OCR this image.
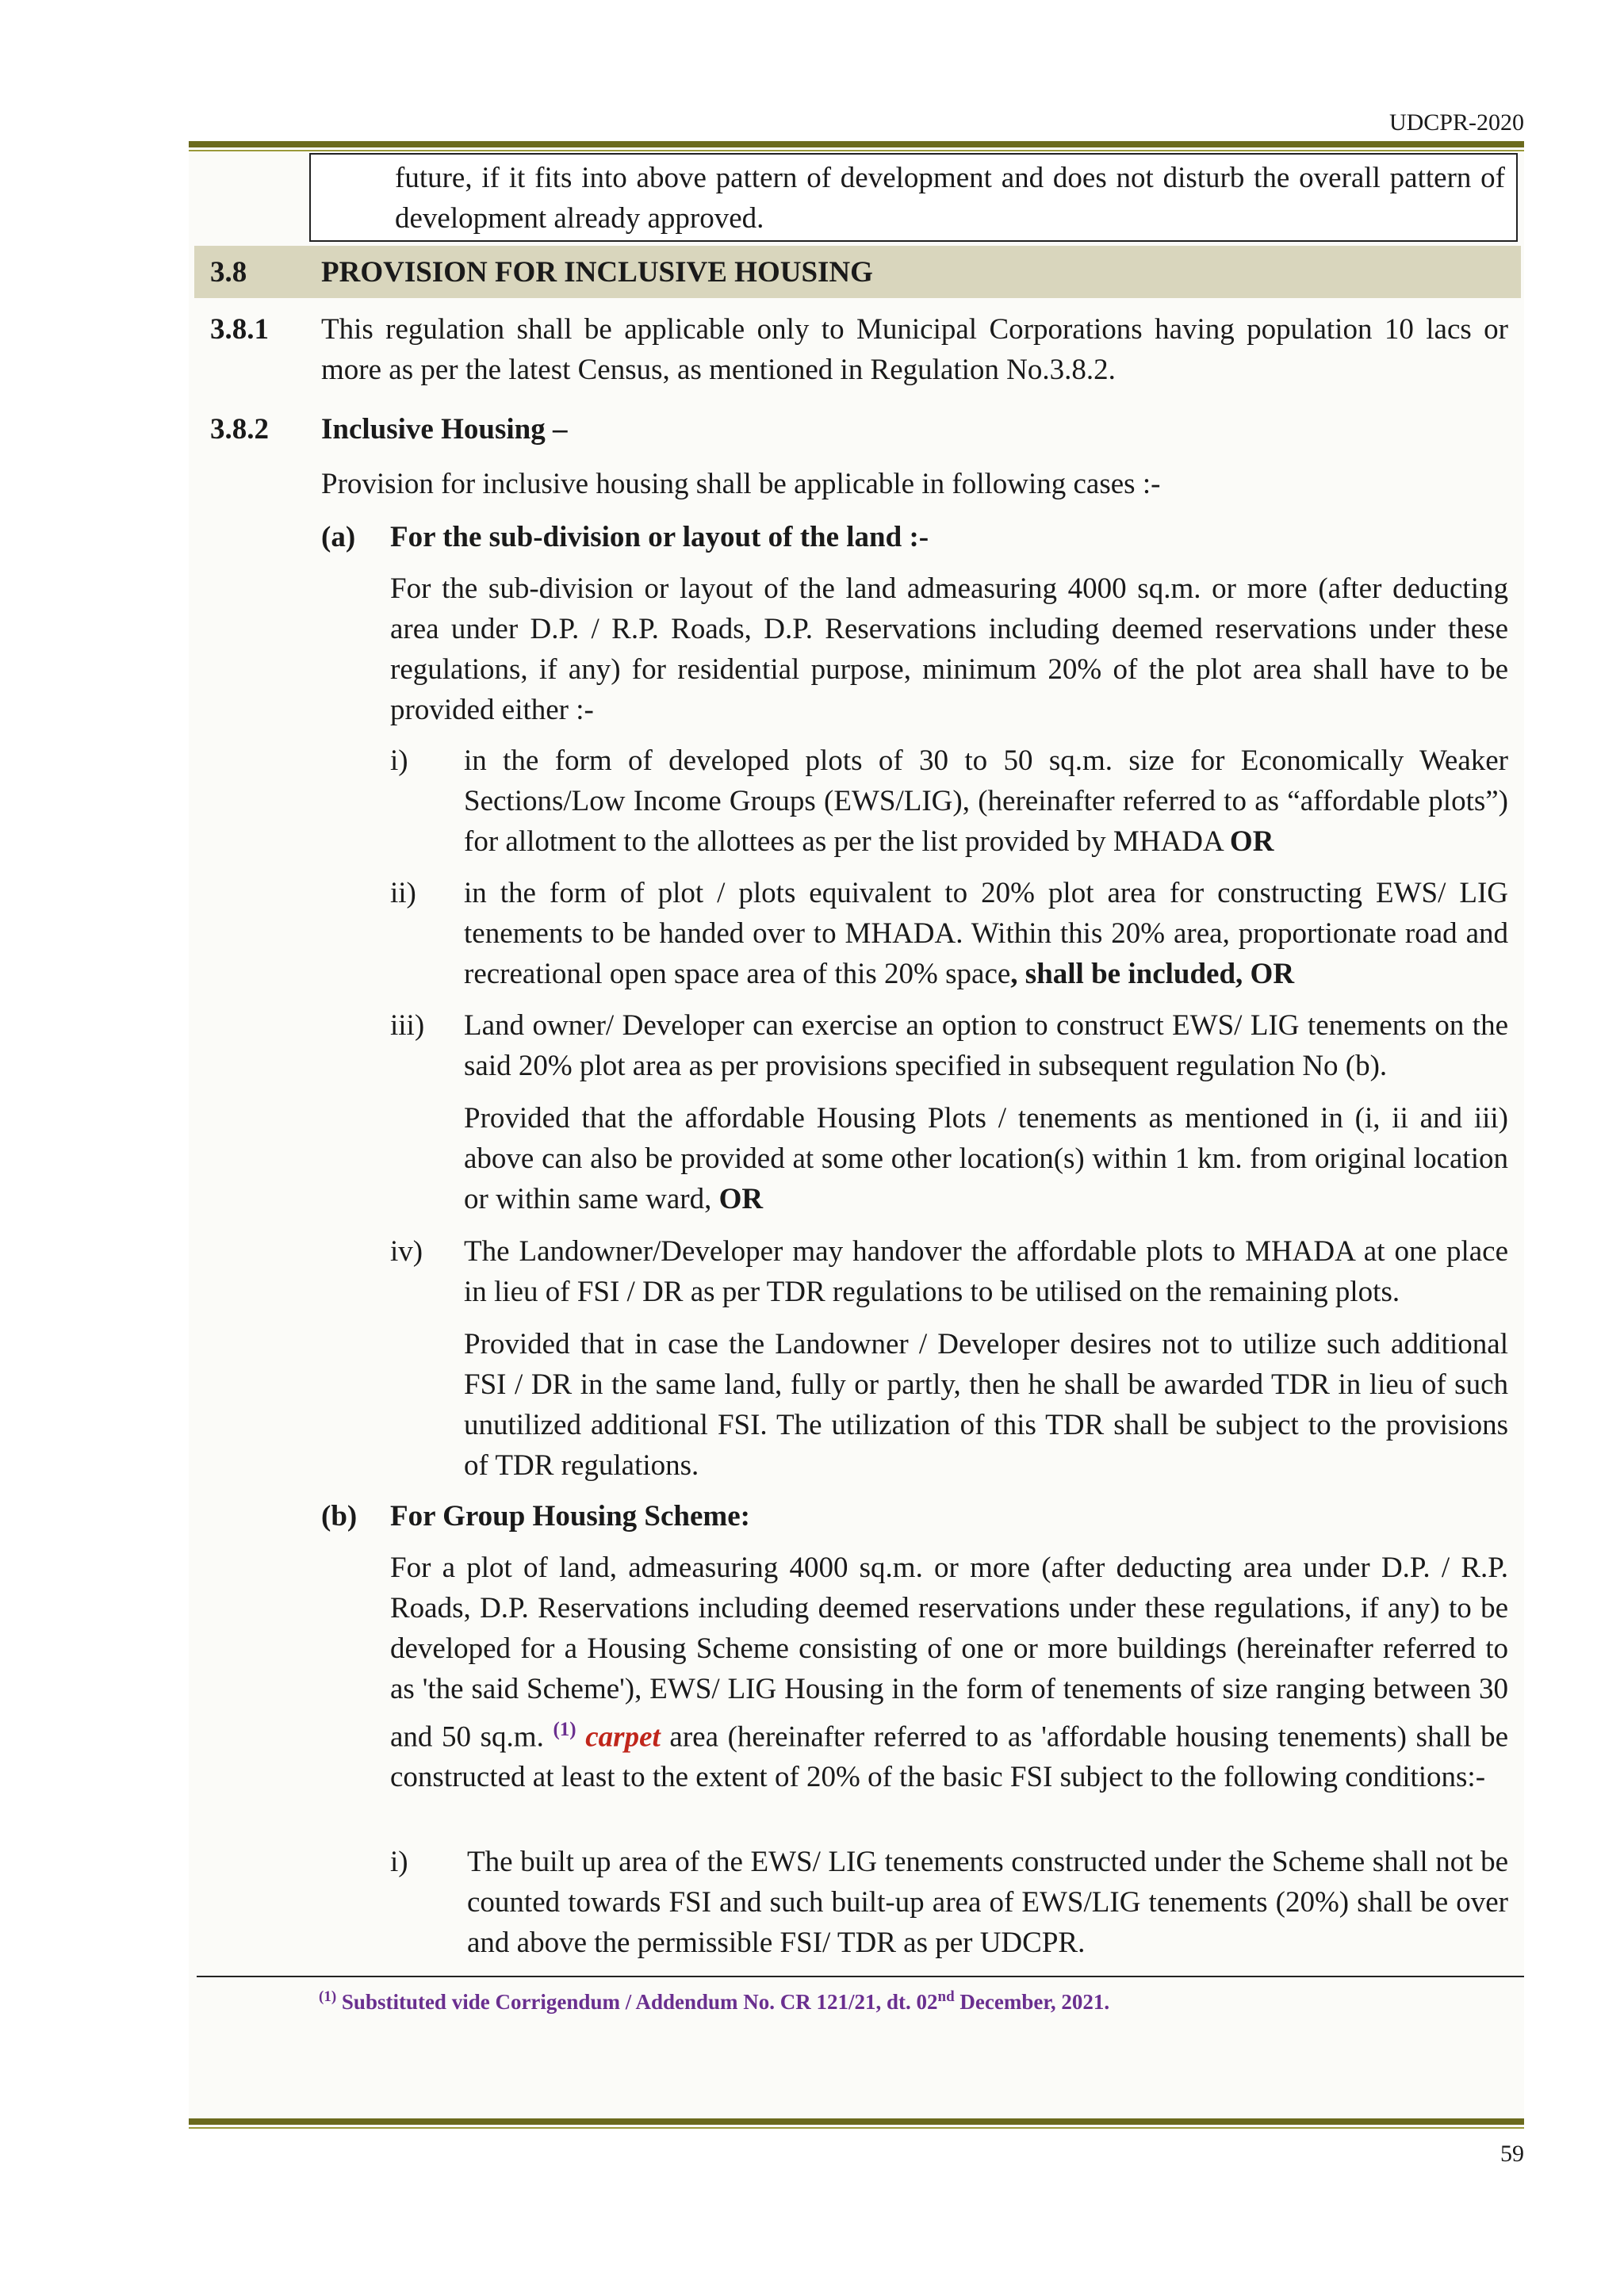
UDCPR-2020

future, if it fits into above pattern of development and does not disturb the overall pattern of development already approved.

3.8	PROVISION FOR INCLUSIVE HOUSING
3.8.1 This regulation shall be applicable only to Municipal Corporations having population 10 lacs or more as per the latest Census, as mentioned in Regulation No.3.8.2.

3.8.2 Inclusive Housing –

Provision for inclusive housing shall be applicable in following cases :-

(a) For the sub-division or layout of the land :-

For the sub-division or layout of the land admeasuring 4000 sq.m. or more (after deducting area under D.P. / R.P. Roads, D.P. Reservations including deemed reservations under these regulations, if any) for residential purpose, minimum 20% of the plot area shall have to be provided either :-

i) in the form of developed plots of 30 to 50 sq.m. size for Economically Weaker Sections/Low Income Groups (EWS/LIG), (hereinafter referred to as “affordable plots”) for allotment to the allottees as per the list provided by MHADA OR

ii) in the form of plot / plots equivalent to 20% plot area for constructing EWS/ LIG tenements to be handed over to MHADA. Within this 20% area, proportionate road and recreational open space area of this 20% space, shall be included, OR

iii) Land owner/ Developer can exercise an option to construct EWS/ LIG tenements on the said 20% plot area as per provisions specified in subsequent regulation No (b).

Provided that the affordable Housing Plots / tenements as mentioned in (i, ii and iii) above can also be provided at some other location(s) within 1 km. from original location or within same ward, OR

iv) The Landowner/Developer may handover the affordable plots to MHADA at one place in lieu of FSI / DR as per TDR regulations to be utilised on the remaining plots.

Provided that in case the Landowner / Developer desires not to utilize such additional FSI / DR in the same land, fully or partly, then he shall be awarded TDR in lieu of such unutilized additional FSI. The utilization of this TDR shall be subject to the provisions of TDR regulations.

(b) For Group Housing Scheme:

For a plot of land, admeasuring 4000 sq.m. or more (after deducting area under D.P. / R.P. Roads, D.P. Reservations including deemed reservations under these regulations, if any) to be developed for a Housing Scheme consisting of one or more buildings (hereinafter referred to as 'the said Scheme'), EWS/ LIG Housing in the form of tenements of size ranging between 30 and 50 sq.m. $^{(1)}$ carpet area (hereinafter referred to as 'affordable housing tenements) shall be constructed at least to the extent of 20% of the basic FSI subject to the following conditions:-

i) The built up area of the EWS/ LIG tenements constructed under the Scheme shall not be counted towards FSI and such built-up area of EWS/LIG tenements (20%) shall be over and above the permissible FSI/ TDR as per UDCPR.

$^{(1)}$ Substituted vide Corrigendum / Addendum No. CR 121/21, dt. 02nd December, 2021.
59
